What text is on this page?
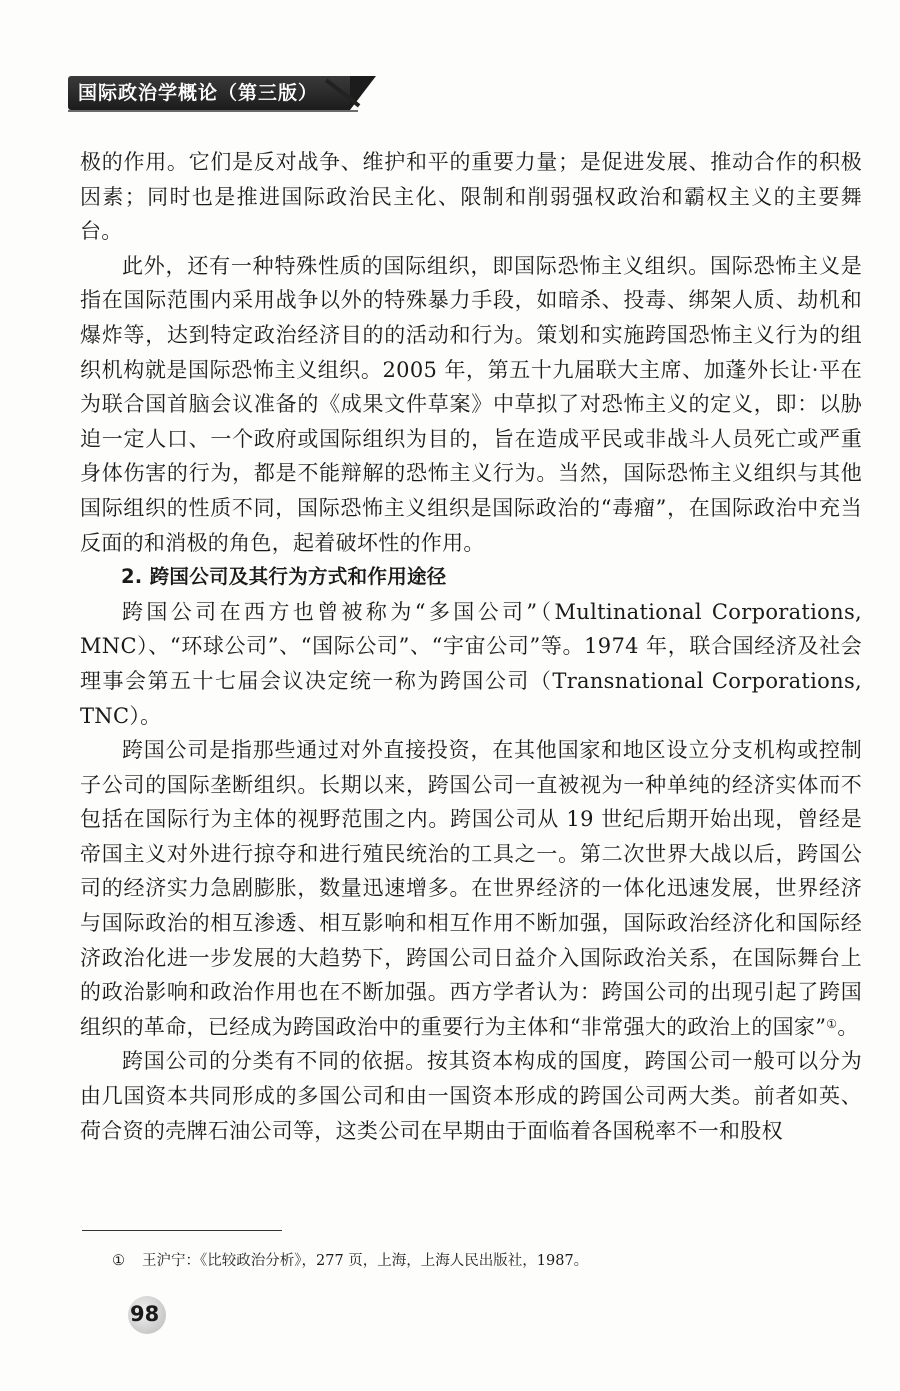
国际政治学概论（第三版）

极的作用。它们是反对战争、维护和平的重要力量；是促进发展、推动合作的积极因素；同时也是推进国际政治民主化、限制和削弱强权政治和霸权主义的主要舞台。

此外，还有一种特殊性质的国际组织，即国际恐怖主义组织。国际恐怖主义是指在国际范围内采用战争以外的特殊暴力手段，如暗杀、投毒、绑架人质、劫机和爆炸等，达到特定政治经济目的的活动和行为。策划和实施跨国恐怖主义行为的组织机构就是国际恐怖主义组织。2005 年，第五十九届联大主席、加蓬外长让·平在为联合国首脑会议准备的《成果文件草案》中草拟了对恐怖主义的定义，即：以胁迫一定人口、一个政府或国际组织为目的，旨在造成平民或非战斗人员死亡或严重身体伤害的行为，都是不能辩解的恐怖主义行为。当然，国际恐怖主义组织与其他国际组织的性质不同，国际恐怖主义组织是国际政治的“毒瘤”，在国际政治中充当反面的和消极的角色，起着破坏性的作用。

2. 跨国公司及其行为方式和作用途径

跨国公司在西方也曾被称为“多国公司”（Multinational Corporations, MNC）、“环球公司”、“国际公司”、“宇宙公司”等。1974 年，联合国经济及社会理事会第五十七届会议决定统一称为跨国公司（Transnational Corporations, TNC）。

跨国公司是指那些通过对外直接投资，在其他国家和地区设立分支机构或控制子公司的国际垄断组织。长期以来，跨国公司一直被视为一种单纯的经济实体而不包括在国际行为主体的视野范围之内。跨国公司从 19 世纪后期开始出现，曾经是帝国主义对外进行掠夺和进行殖民统治的工具之一。第二次世界大战以后，跨国公司的经济实力急剧膨胀，数量迅速增多。在世界经济的一体化迅速发展，世界经济与国际政治的相互渗透、相互影响和相互作用不断加强，国际政治经济化和国际经济政治化进一步发展的大趋势下，跨国公司日益介入国际政治关系，在国际舞台上的政治影响和政治作用也在不断加强。西方学者认为：跨国公司的出现引起了跨国组织的革命，已经成为跨国政治中的重要行为主体和“非常强大的政治上的国家”①。

跨国公司的分类有不同的依据。按其资本构成的国度，跨国公司一般可以分为由几国资本共同形成的多国公司和由一国资本形成的跨国公司两大类。前者如英、荷合资的壳牌石油公司等，这类公司在早期由于面临着各国税率不一和股权

① 王沪宁：《比较政治分析》，277 页，上海，上海人民出版社，1987。
98
